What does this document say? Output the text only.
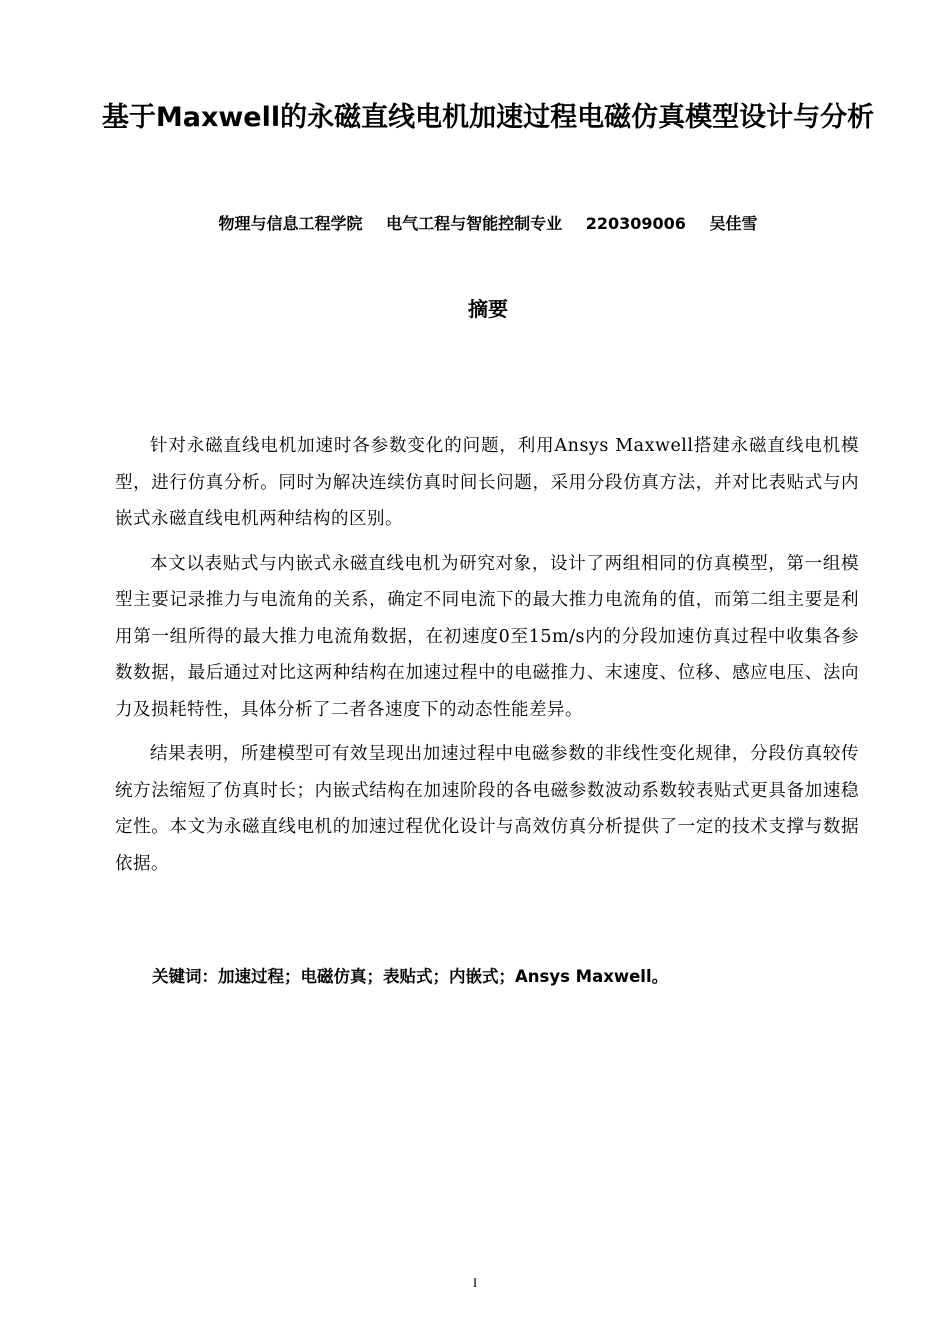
基于Maxwell的永磁直线电机加速过程电磁仿真模型设计与分析
物理与信息工程学院 电气工程与智能控制专业 220309006 吴佳雪
摘要

针对永磁直线电机加速时各参数变化的问题，利用Ansys Maxwell搭建永磁直线电机模型，进行仿真分析。同时为解决连续仿真时间长问题，采用分段仿真方法，并对比表贴式与内嵌式永磁直线电机两种结构的区别。

本文以表贴式与内嵌式永磁直线电机为研究对象，设计了两组相同的仿真模型，第一组模型主要记录推力与电流角的关系，确定不同电流下的最大推力电流角的值，而第二组主要是利用第一组所得的最大推力电流角数据，在初速度0至15m/s内的分段加速仿真过程中收集各参数数据，最后通过对比这两种结构在加速过程中的电磁推力、末速度、位移、感应电压、法向力及损耗特性，具体分析了二者各速度下的动态性能差异。

结果表明，所建模型可有效呈现出加速过程中电磁参数的非线性变化规律，分段仿真较传统方法缩短了仿真时长；内嵌式结构在加速阶段的各电磁参数波动系数较表贴式更具备加速稳定性。本文为永磁直线电机的加速过程优化设计与高效仿真分析提供了一定的技术支撑与数据依据。

关键词：加速过程；电磁仿真；表贴式；内嵌式；Ansys Maxwell。
I
